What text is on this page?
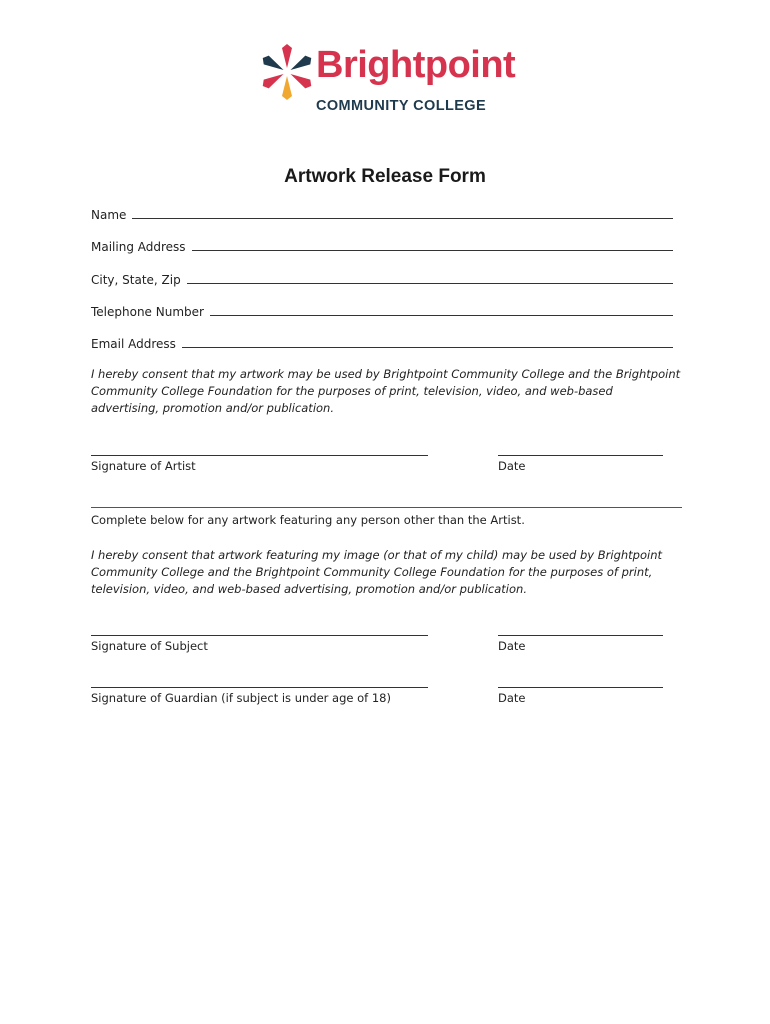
Brightpoint
COMMUNITY COLLEGE
Artwork Release Form
Name
Mailing Address
City, State, Zip
Telephone Number
Email Address

I hereby consent that my artwork may be used by Brightpoint Community College and the Brightpoint Community College Foundation for the purposes of print, television, video, and web-based advertising, promotion and/or publication.

Signature of Artist	Date
Complete below for any artwork featuring any person other than the Artist.

I hereby consent that artwork featuring my image (or that of my child) may be used by Brightpoint Community College and the Brightpoint Community College Foundation for the purposes of print, television, video, and web-based advertising, promotion and/or publication.

Signature of Subject	Date
Signature of Guardian (if subject is under age of 18)	Date
